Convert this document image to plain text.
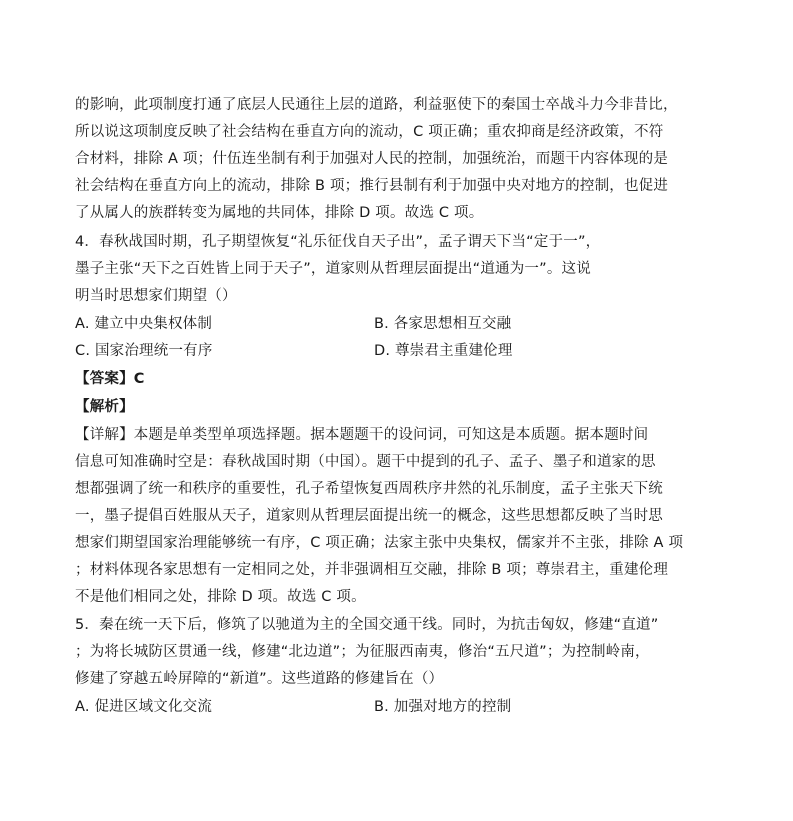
的影响，此项制度打通了底层人民通往上层的道路，利益驱使下的秦国士卒战斗力今非昔比，
所以说这项制度反映了社会结构在垂直方向的流动，C 项正确；重农抑商是经济政策，不符
合材料，排除 A 项；什伍连坐制有利于加强对人民的控制，加强统治，而题干内容体现的是
社会结构在垂直方向上的流动，排除 B 项；推行县制有利于加强中央对地方的控制，也促进
了从属人的族群转变为属地的共同体，排除 D 项。故选 C 项。
4．春秋战国时期，孔子期望恢复“礼乐征伐自天子出”，孟子谓天下当“定于一”，
墨子主张“天下之百姓皆上同于天子”，道家则从哲理层面提出“道通为一”。这说
明当时思想家们期望（）
A. 建立中央集权体制	B. 各家思想相互交融
C. 国家治理统一有序	D. 尊崇君主重建伦理
【答案】C
【解析】
【详解】本题是单类型单项选择题。据本题题干的设问词，可知这是本质题。据本题时间
信息可知准确时空是：春秋战国时期（中国）。题干中提到的孔子、孟子、墨子和道家的思
想都强调了统一和秩序的重要性，孔子希望恢复西周秩序井然的礼乐制度，孟子主张天下统
一，墨子提倡百姓服从天子，道家则从哲理层面提出统一的概念，这些思想都反映了当时思
想家们期望国家治理能够统一有序，C 项正确；法家主张中央集权，儒家并不主张，排除 A 项
；材料体现各家思想有一定相同之处，并非强调相互交融，排除 B 项；尊崇君主，重建伦理
不是他们相同之处，排除 D 项。故选 C 项。
5．秦在统一天下后，修筑了以驰道为主的全国交通干线。同时，为抗击匈奴，修建“直道”
；为将长城防区贯通一线，修建“北边道”；为征服西南夷，修治“五尺道”；为控制岭南，
修建了穿越五岭屏障的“新道”。这些道路的修建旨在（）
A. 促进区域文化交流	B. 加强对地方的控制
